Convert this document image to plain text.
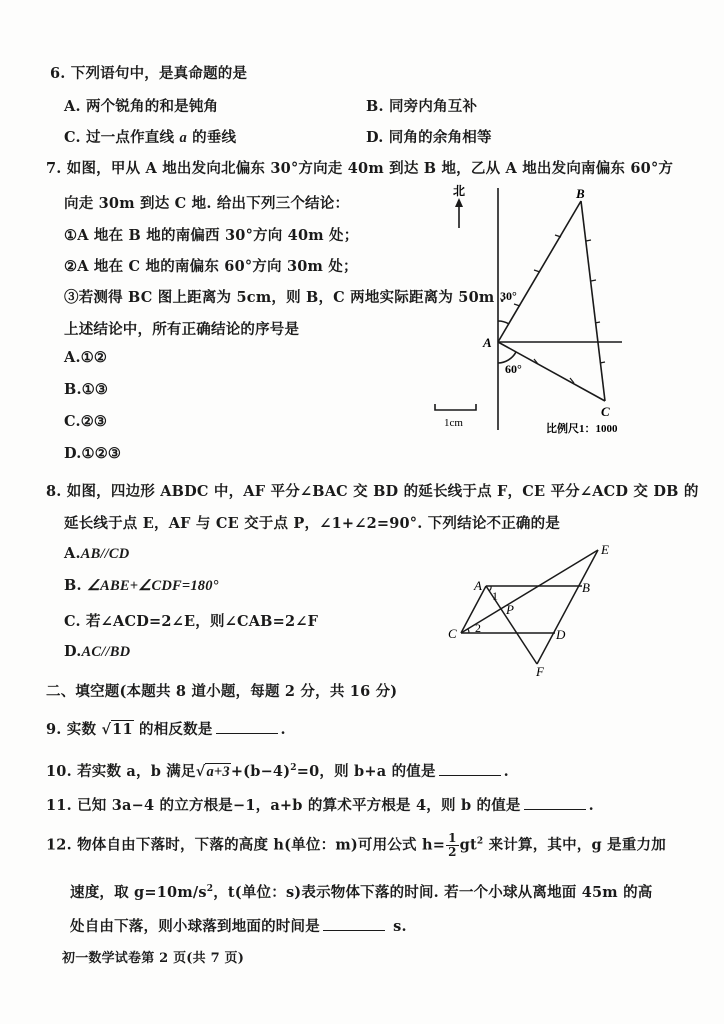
6. 下列语句中，是真命题的是
A. 两个锐角的和是钝角	B. 同旁内角互补
C. 过一点作直线 a 的垂线	D. 同角的余角相等
7. 如图，甲从 A 地出发向北偏东 30°方向走 40m 到达 B 地，乙从 A 地出发向南偏东 60°方
向走 30m 到达 C 地. 给出下列三个结论：
①A 地在 B 地的南偏西 30°方向 40m 处；
②A 地在 C 地的南偏东 60°方向 30m 处；
③若测得 BC 图上距离为 5cm，则 B，C 两地实际距离为 50m .
上述结论中，所有正确结论的序号是
A.①②
B.①③
C.②③
D.①②③
北
A
B
C
30°
60°
1cm	比例尺1：1000
8. 如图，四边形 ABDC 中，AF 平分∠BAC 交 BD 的延长线于点 F，CE 平分∠ACD 交 DB 的
延长线于点 E，AF 与 CE 交于点 P，∠1+∠2=90°. 下列结论不正确的是
A.AB//CD
B. ∠ABE+∠CDF=180°
C. 若∠ACD=2∠E，则∠CAB=2∠F
D.AC//BD
A	B
C	D
E
F
P
1
2
二、填空题(本题共 8 道小题，每题 2 分，共 16 分)
9. 实数 √11 的相反数是	.
10. 若实数 a，b 满足$√a+3+(b-4)^2=0$，则 b+a 的值是	.
11. 已知 3a−4 的立方根是−1，a+b 的算术平方根是 4，则 b 的值是	.
12. 物体自由下落时，下落的高度 h(单位：m)可用公式 $h= \frac{1}{2} gt^2$ 来计算，其中，g 是重力加
速度，取 $g=10m/s^2$，t(单位：s)表示物体下落的时间. 若一个小球从离地面 45m 的高
处自由下落，则小球落到地面的时间是	s.
初一数学试卷第 2 页(共 7 页)
